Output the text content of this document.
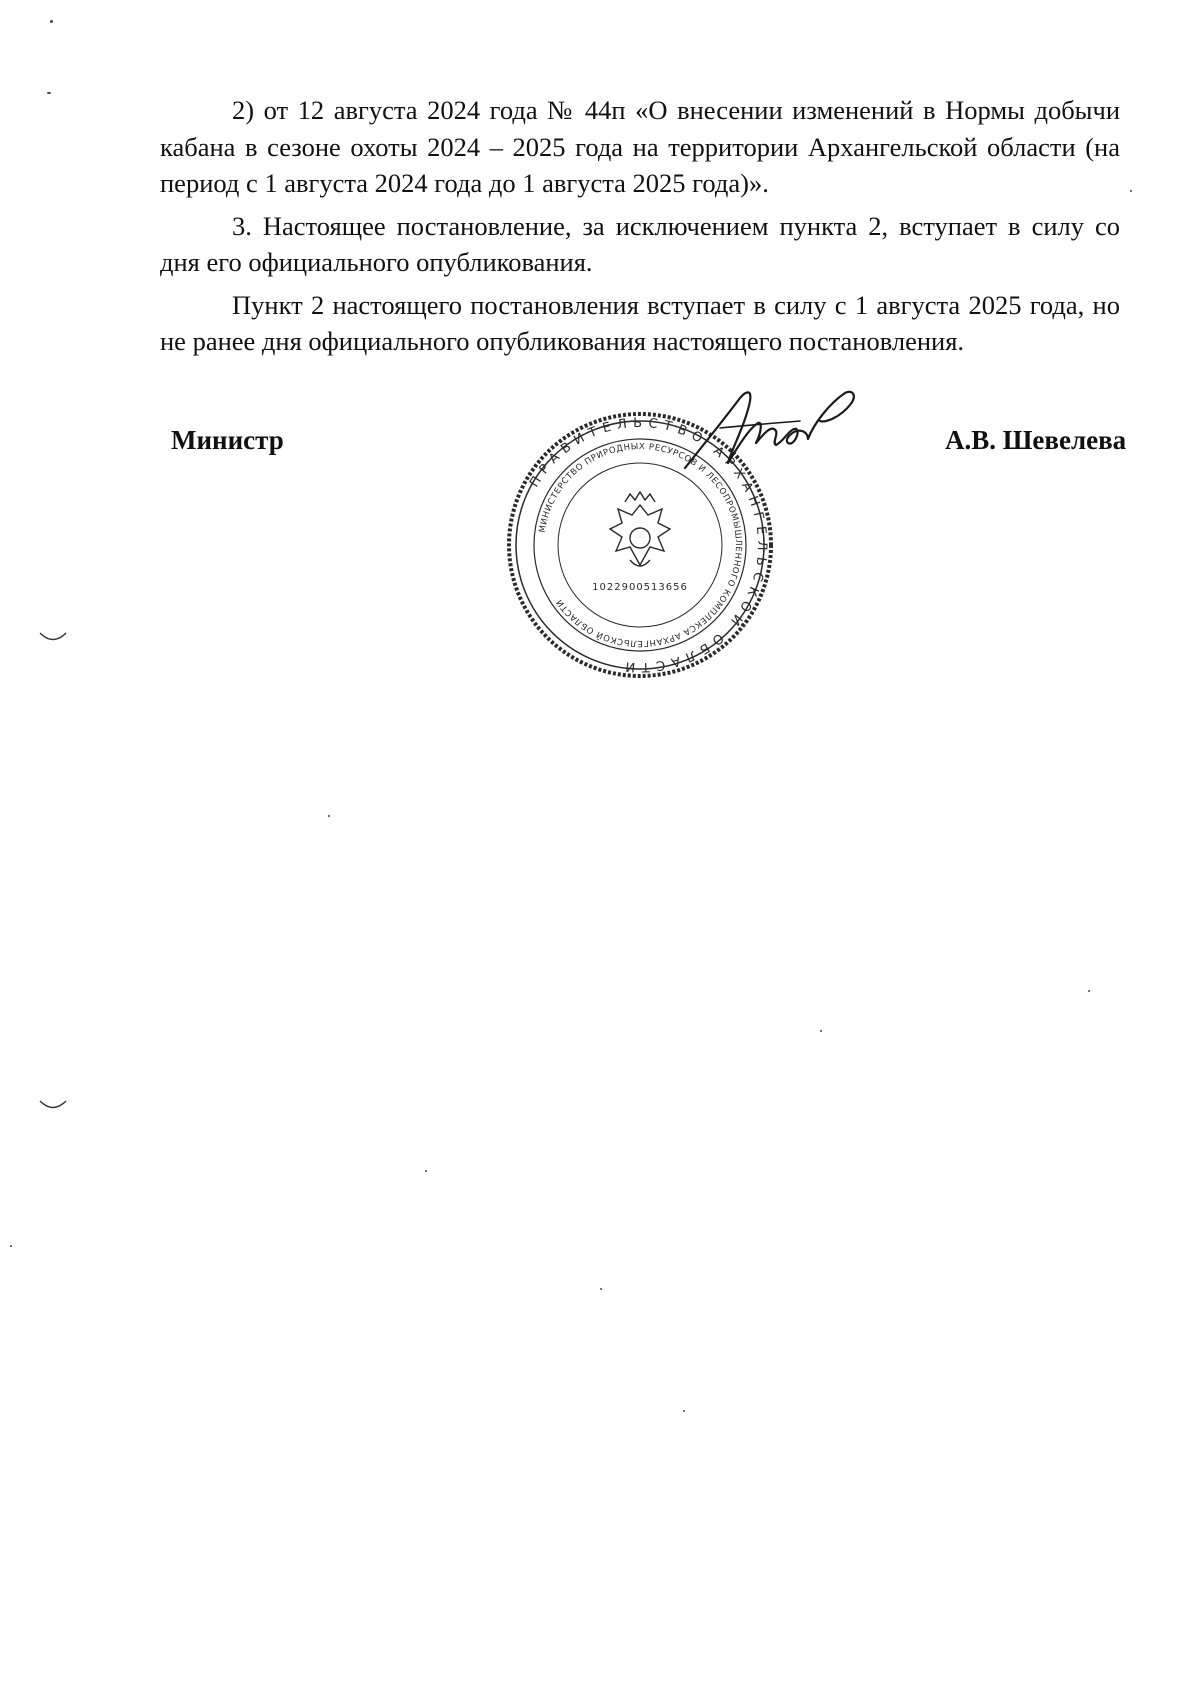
2) от 12 августа 2024 года № 44п «О внесении изменений в Нормы добычи кабана в сезоне охоты 2024 – 2025 года на территории Архангельской области (на период с 1 августа 2024 года до 1 августа 2025 года)».

3. Настоящее постановление, за исключением пункта 2, вступает в силу со дня его официального опубликования.

Пункт 2 настоящего постановления вступает в силу с 1 августа 2025 года, но не ранее дня официального опубликования настоящего постановления.

ПРАВИТЕЛЬСТВО АРХАНГЕЛЬСКОЙ ОБЛАСТИ
МИНИСТЕРСТВО ПРИРОДНЫХ РЕСУРСОВ И ЛЕСОПРОМЫШЛЕННОГО КОМПЛЕКСА АРХАНГЕЛЬСКОЙ ОБЛАСТИ
1022900513656
Министр	А.В. Шевелева
